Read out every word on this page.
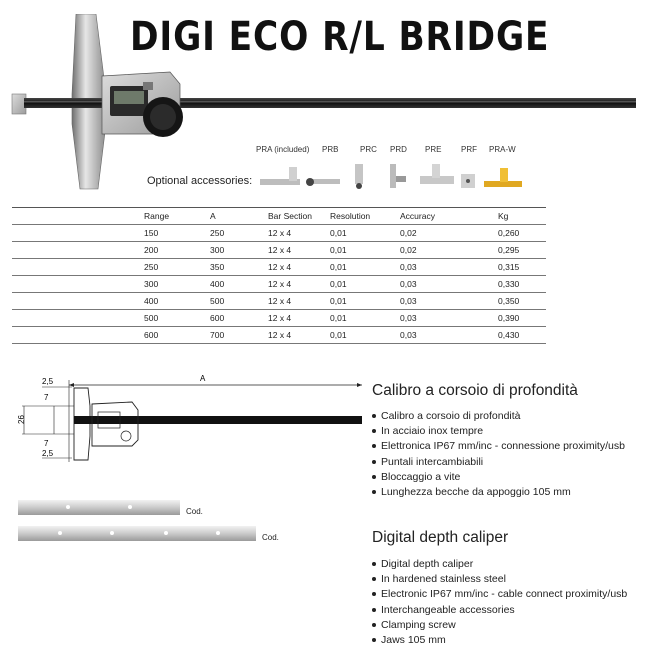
DIGI ECO R/L BRIDGE
PRA (included) PRB	PRC PRD PRE PRF PRA-W
Optional accessories:
Range	A	Bar Section	Resolution	Accuracy	Kg
150	250	12 x 4	0,01	0,02	0,260
200	300	12 x 4	0,01	0,02	0,295
250	350	12 x 4	0,01	0,03	0,315
300	400	12 x 4	0,01	0,03	0,330
400	500	12 x 4	0,01	0,03	0,350
500	600	12 x 4	0,01	0,03	0,390
600	700	12 x 4	0,01	0,03	0,430
A
2,5
7
26
7
2,5
Calibro a corsoio di profondità
Calibro a corsoio di profondità
In acciaio inox tempre
Elettronica IP67 mm/inc - connessione proximity/usb
Puntali intercambiabili
Bloccaggio a vite
Lunghezza becche da appoggio 105 mm
Digital depth caliper
Digital depth caliper
In hardened stainless steel
Electronic IP67 mm/inc - cable connect proximity/usb
Interchangeable accessories
Clamping screw
Jaws 105 mm
Cod.
Cod.
